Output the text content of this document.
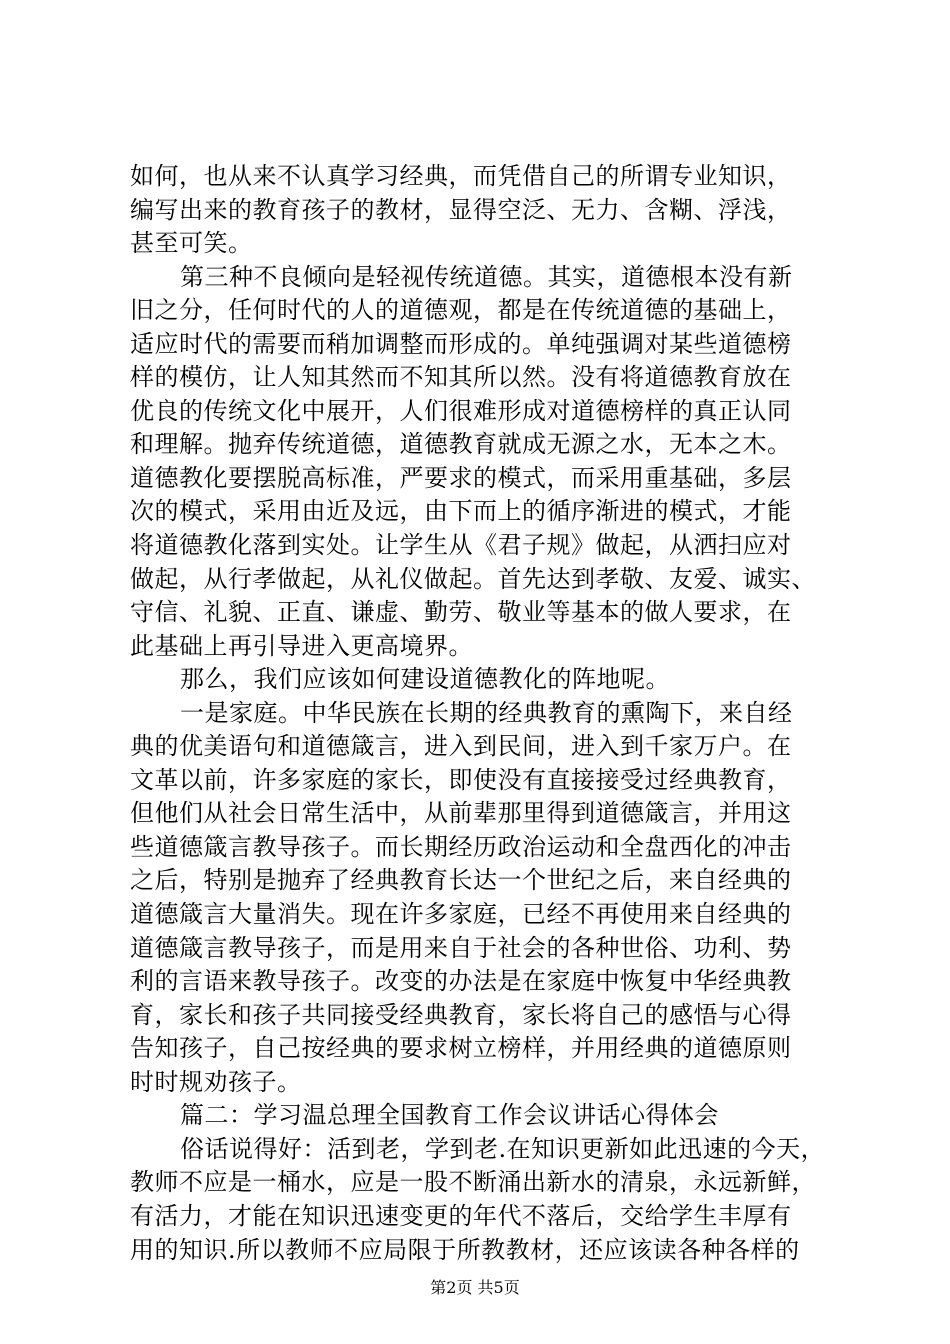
如何，也从来不认真学习经典，而凭借自己的所谓专业知识，
编写出来的教育孩子的教材，显得空泛、无力、含糊、浮浅，
甚至可笑。
第三种不良倾向是轻视传统道德。其实，道德根本没有新
旧之分，任何时代的人的道德观，都是在传统道德的基础上，
适应时代的需要而稍加调整而形成的。单纯强调对某些道德榜
样的模仿，让人知其然而不知其所以然。没有将道德教育放在
优良的传统文化中展开，人们很难形成对道德榜样的真正认同
和理解。抛弃传统道德，道德教育就成无源之水，无本之木。
道德教化要摆脱高标准，严要求的模式，而采用重基础，多层
次的模式，采用由近及远，由下而上的循序渐进的模式，才能
将道德教化落到实处。让学生从《君子规》做起，从洒扫应对
做起，从行孝做起，从礼仪做起。首先达到孝敬、友爱、诚实、
守信、礼貌、正直、谦虚、勤劳、敬业等基本的做人要求，在
此基础上再引导进入更高境界。
那么，我们应该如何建设道德教化的阵地呢。
一是家庭。中华民族在长期的经典教育的熏陶下，来自经
典的优美语句和道德箴言，进入到民间，进入到千家万户。在
文革以前，许多家庭的家长，即使没有直接接受过经典教育，
但他们从社会日常生活中，从前辈那里得到道德箴言，并用这
些道德箴言教导孩子。而长期经历政治运动和全盘西化的冲击
之后，特别是抛弃了经典教育长达一个世纪之后，来自经典的
道德箴言大量消失。现在许多家庭，已经不再使用来自经典的
道德箴言教导孩子，而是用来自于社会的各种世俗、功利、势
利的言语来教导孩子。改变的办法是在家庭中恢复中华经典教
育，家长和孩子共同接受经典教育，家长将自己的感悟与心得
告知孩子，自己按经典的要求树立榜样，并用经典的道德原则
时时规劝孩子。
篇二：学习温总理全国教育工作会议讲话心得体会
俗话说得好：活到老，学到老.在知识更新如此迅速的今天，
教师不应是一桶水，应是一股不断涌出新水的清泉，永远新鲜，
有活力，才能在知识迅速变更的年代不落后，交给学生丰厚有
用的知识.所以教师不应局限于所教教材，还应该读各种各样的
第2页 共5页
